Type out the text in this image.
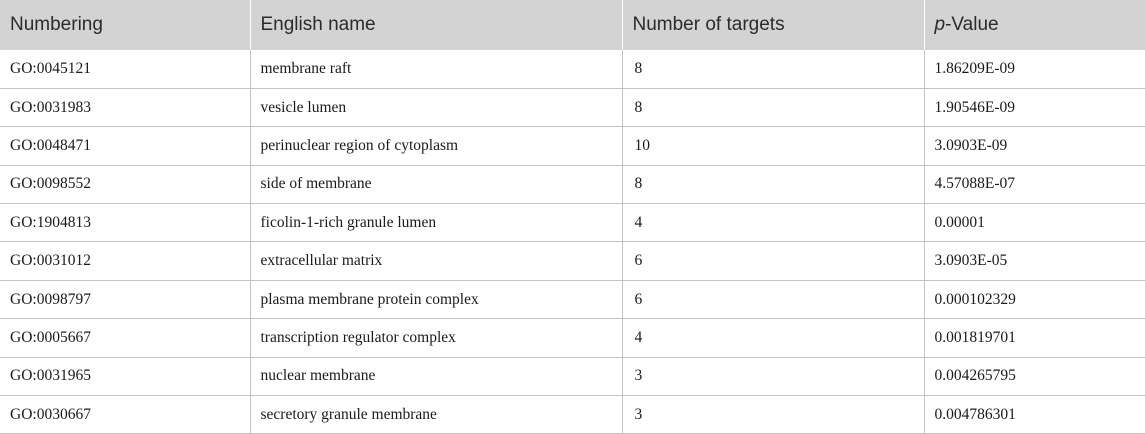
Numbering	English name	Number of targets	p-Value
GO:0045121	membrane raft	8	1.86209E-09
GO:0031983	vesicle lumen	8	1.90546E-09
GO:0048471	perinuclear region of cytoplasm	10	3.0903E-09
GO:0098552	side of membrane	8	4.57088E-07
GO:1904813	ficolin-1-rich granule lumen	4	0.00001
GO:0031012	extracellular matrix	6	3.0903E-05
GO:0098797	plasma membrane protein complex	6	0.000102329
GO:0005667	transcription regulator complex	4	0.001819701
GO:0031965	nuclear membrane	3	0.004265795
GO:0030667	secretory granule membrane	3	0.004786301
